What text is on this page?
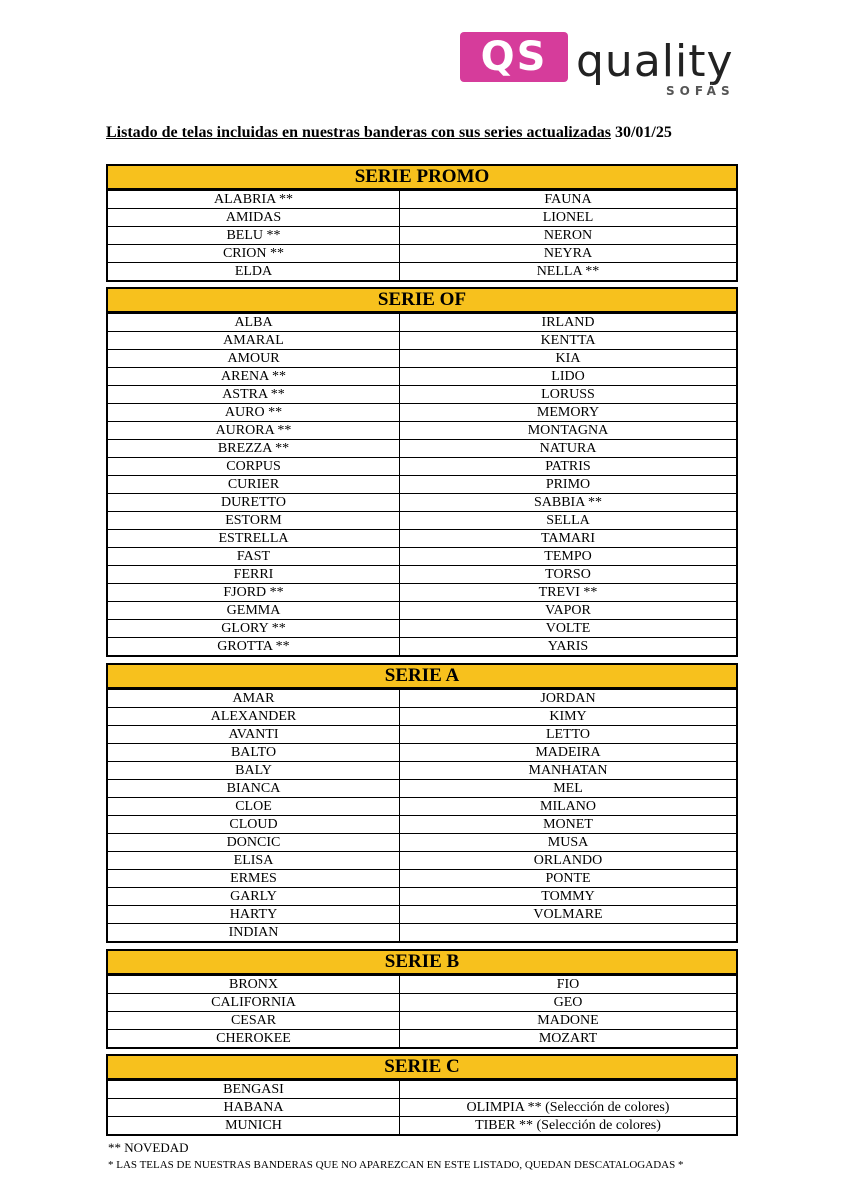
QS quality
SOFÁS
Listado de telas incluidas en nuestras banderas con sus series actualizadas 30/01/25
SERIE PROMO
ALABRIA **	FAUNA
AMIDAS	LIONEL
BELU **	NERON
CRION **	NEYRA
ELDA	NELLA **
SERIE OF
ALBA	IRLAND
AMARAL	KENTTA
AMOUR	KIA
ARENA **	LIDO
ASTRA **	LORUSS
AURO **	MEMORY
AURORA **	MONTAGNA
BREZZA **	NATURA
CORPUS	PATRIS
CURIER	PRIMO
DURETTO	SABBIA **
ESTORM	SELLA
ESTRELLA	TAMARI
FAST	TEMPO
FERRI	TORSO
FJORD **	TREVI **
GEMMA	VAPOR
GLORY **	VOLTE
GROTTA **	YARIS
SERIE A
AMAR	JORDAN
ALEXANDER	KIMY
AVANTI	LETTO
BALTO	MADEIRA
BALY	MANHATAN
BIANCA	MEL
CLOE	MILANO
CLOUD	MONET
DONCIC	MUSA
ELISA	ORLANDO
ERMES	PONTE
GARLY	TOMMY
HARTY	VOLMARE
INDIAN
SERIE B
BRONX	FIO
CALIFORNIA	GEO
CESAR	MADONE
CHEROKEE	MOZART
SERIE C
BENGASI
HABANA	OLIMPIA ** (Selección de colores)
MUNICH	TIBER ** (Selección de colores)
** NOVEDAD
* LAS TELAS DE NUESTRAS BANDERAS QUE NO APAREZCAN EN ESTE LISTADO, QUEDAN DESCATALOGADAS *
